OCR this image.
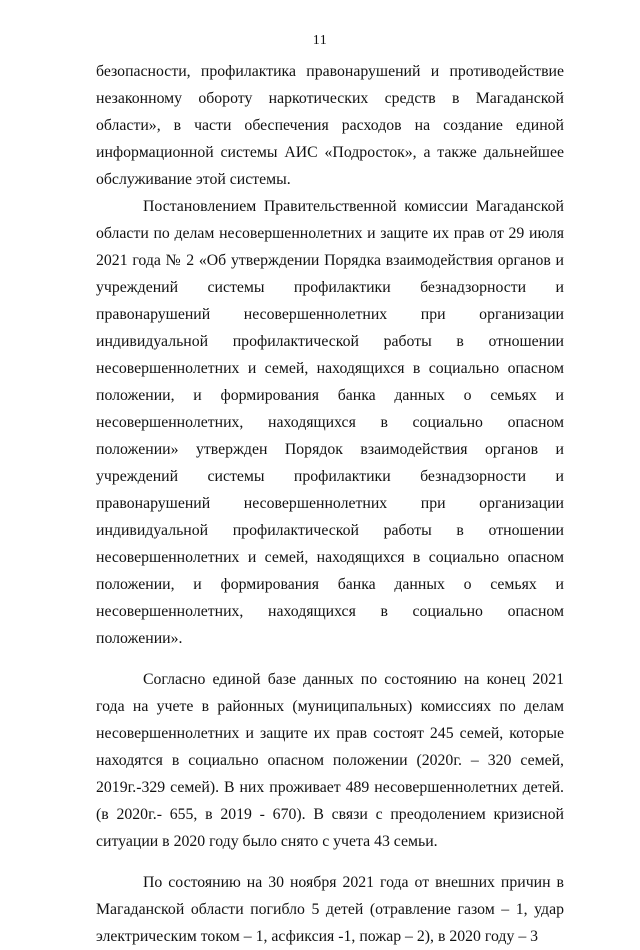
11

безопасности, профилактика правонарушений и противодействие незаконному обороту наркотических средств в Магаданской области», в части обеспечения расходов на создание единой информационной системы АИС «Подросток», а также дальнейшее обслуживание этой системы.

Постановлением Правительственной комиссии Магаданской области по делам несовершеннолетних и защите их прав от 29 июля 2021 года № 2 «Об утверждении Порядка взаимодействия органов и учреждений системы профилактики безнадзорности и правонарушений несовершеннолетних при организации индивидуальной профилактической работы в отношении несовершеннолетних и семей, находящихся в социально опасном положении, и формирования банка данных о семьях и несовершеннолетних, находящихся в социально опасном положении» утвержден Порядок взаимодействия органов и учреждений системы профилактики безнадзорности и правонарушений несовершеннолетних при организации индивидуальной профилактической работы в отношении несовершеннолетних и семей, находящихся в социально опасном положении, и формирования банка данных о семьях и несовершеннолетних, находящихся в социально опасном положении».

Согласно единой базе данных по состоянию на конец 2021 года на учете в районных (муниципальных) комиссиях по делам несовершеннолетних и защите их прав состоят 245 семей, которые находятся в социально опасном положении (2020г. – 320 семей, 2019г.-329 семей). В них проживает 489 несовершеннолетних детей. (в 2020г.- 655, в 2019 - 670). В связи с преодолением кризисной ситуации в 2020 году было снято с учета 43 семьи.

По состоянию на 30 ноября 2021 года от внешних причин в Магаданской области погибло 5 детей (отравление газом – 1, удар электрическим током – 1, асфиксия -1, пожар – 2), в 2020 году – 3
